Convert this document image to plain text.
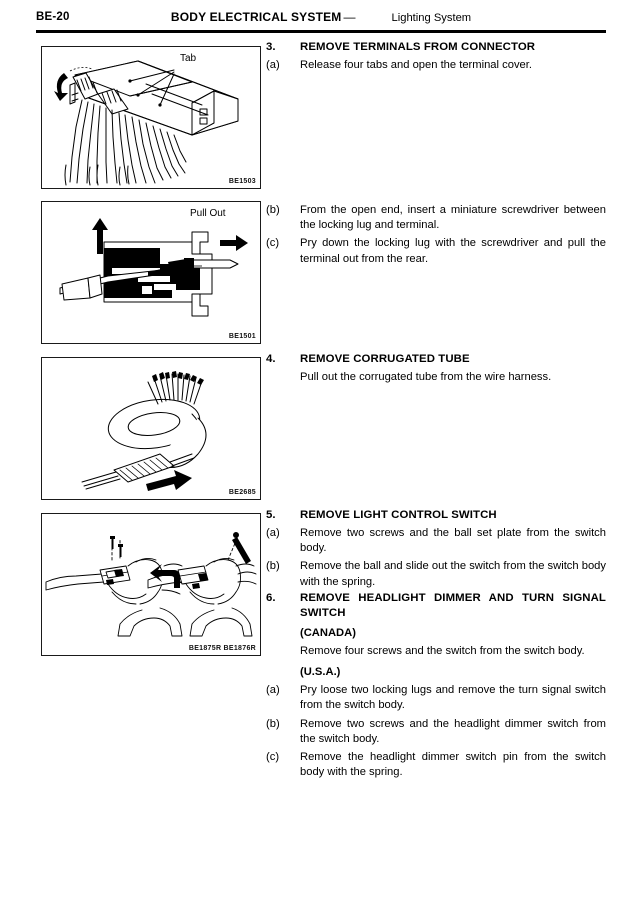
BE-20	BODY ELECTRICAL SYSTEM —	Lighting System
Tab
BE1503
Pull Out
BE1501
BE2685
BE1875R BE1876R
3. REMOVE TERMINALS FROM CONNECTOR
(a) Release four tabs and open the terminal cover.
(b) From the open end, insert a miniature screwdriver between the locking lug and terminal.
(c) Pry down the locking lug with the screwdriver and pull the terminal out from the rear.
4. REMOVE CORRUGATED TUBE
Pull out the corrugated tube from the wire harness.
5. REMOVE LIGHT CONTROL SWITCH
(a) Remove two screws and the ball set plate from the switch body.
(b) Remove the ball and slide out the switch from the switch body with the spring.
6. REMOVE HEADLIGHT DIMMER AND TURN SIGNAL SWITCH
(CANADA)
Remove four screws and the switch from the switch body.
(U.S.A.)
(a) Pry loose two locking lugs and remove the turn signal switch from the switch body.
(b) Remove two screws and the headlight dimmer switch from the switch body.
(c) Remove the headlight dimmer switch pin from the switch body with the spring.
